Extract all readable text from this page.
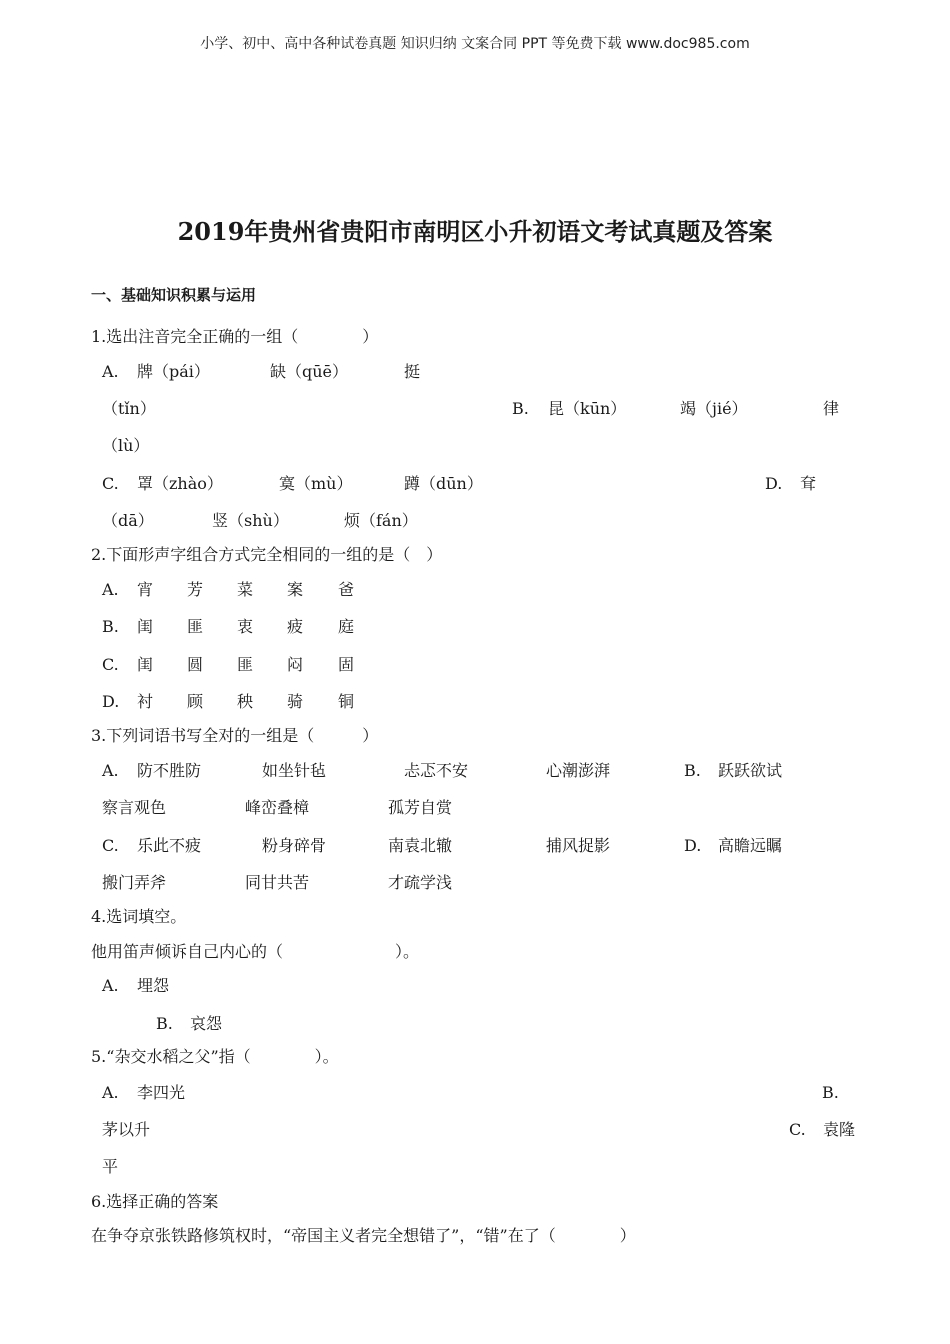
小学、初中、高中各种试卷真题 知识归纳 文案合同 PPT 等免费下载 www.doc985.com
2019年贵州省贵阳市南明区小升初语文考试真题及答案
一、基础知识积累与运用
1.选出注音完全正确的一组（　　　　）
A. 牌（pái）	缺（qūē）	挺
（tǐn）	B. 昆（kūn）	竭（jié）	律
（lù）
C. 罩（zhào）	寞（mù）	蹲（dūn）	D. 耷
（dā）	竖（shù）	烦（fán）
2.下面形声字组合方式完全相同的一组的是（　）
A. 宵 芳 菜 案 爸
B. 闺 匪 衷 疲 庭
C. 闺 圆 匪 闷 固
D. 衬 顾 秧 骑 铜
3.下列词语书写全对的一组是（　　　）
A. 防不胜防	如坐针毡	忐忑不安	心潮澎湃	B. 跃跃欲试
察言观色	峰峦叠樟	孤芳自赏
C. 乐此不疲	粉身碎骨	南袁北辙	捕风捉影	D. 高瞻远瞩
搬门弄斧	同甘共苦	才疏学浅
4.选词填空。
他用笛声倾诉自己内心的（　　　　　　　）。
A. 埋怨
B. 哀怨
5.“杂交水稻之父”指（　　　　）。
A. 李四光	B.
茅以升	C. 袁隆
平
6.选择正确的答案
在争夺京张铁路修筑权时，“帝国主义者完全想错了”，“错”在了（　　　　）
